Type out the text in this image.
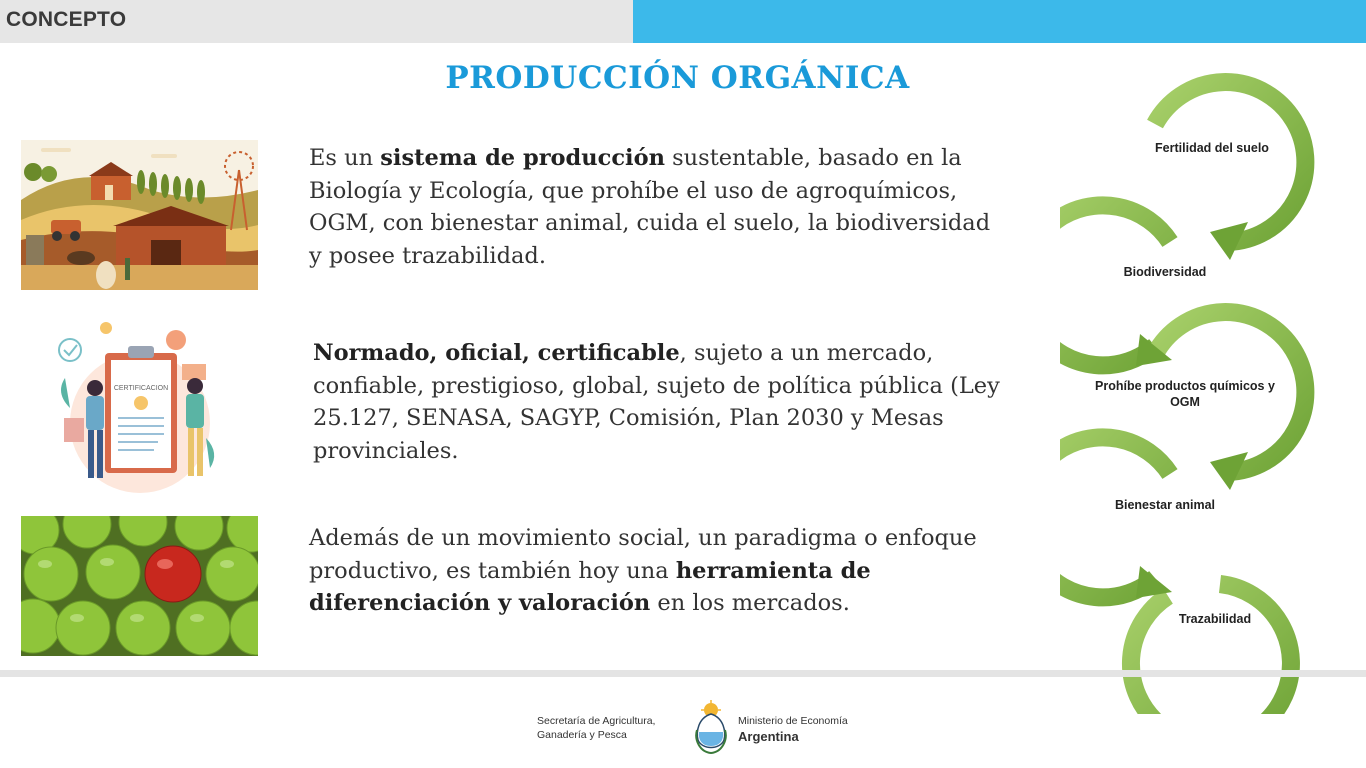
CONCEPTO
PRODUCCIÓN ORGÁNICA
CERTIFICACION

Es un sistema de producción sustentable, basado en la Biología y Ecología, que prohíbe el uso de agroquímicos, OGM, con bienestar animal, cuida el suelo, la biodiversidad y posee trazabilidad.

Normado, oficial, certificable, sujeto a un mercado, confiable, prestigioso, global, sujeto de política pública (Ley 25.127, SENASA, SAGYP, Comisión, Plan 2030 y Mesas provinciales.

Además de un movimiento social, un paradigma o enfoque productivo, es también hoy una herramienta de diferenciación y valoración en los mercados.

Fertilidad del suelo
Biodiversidad
Prohíbe productos químicos y OGM
Bienestar animal
Trazabilidad
Secretaría de Agricultura,
Ganadería y Pesca
Ministerio de Economía
Argentina
